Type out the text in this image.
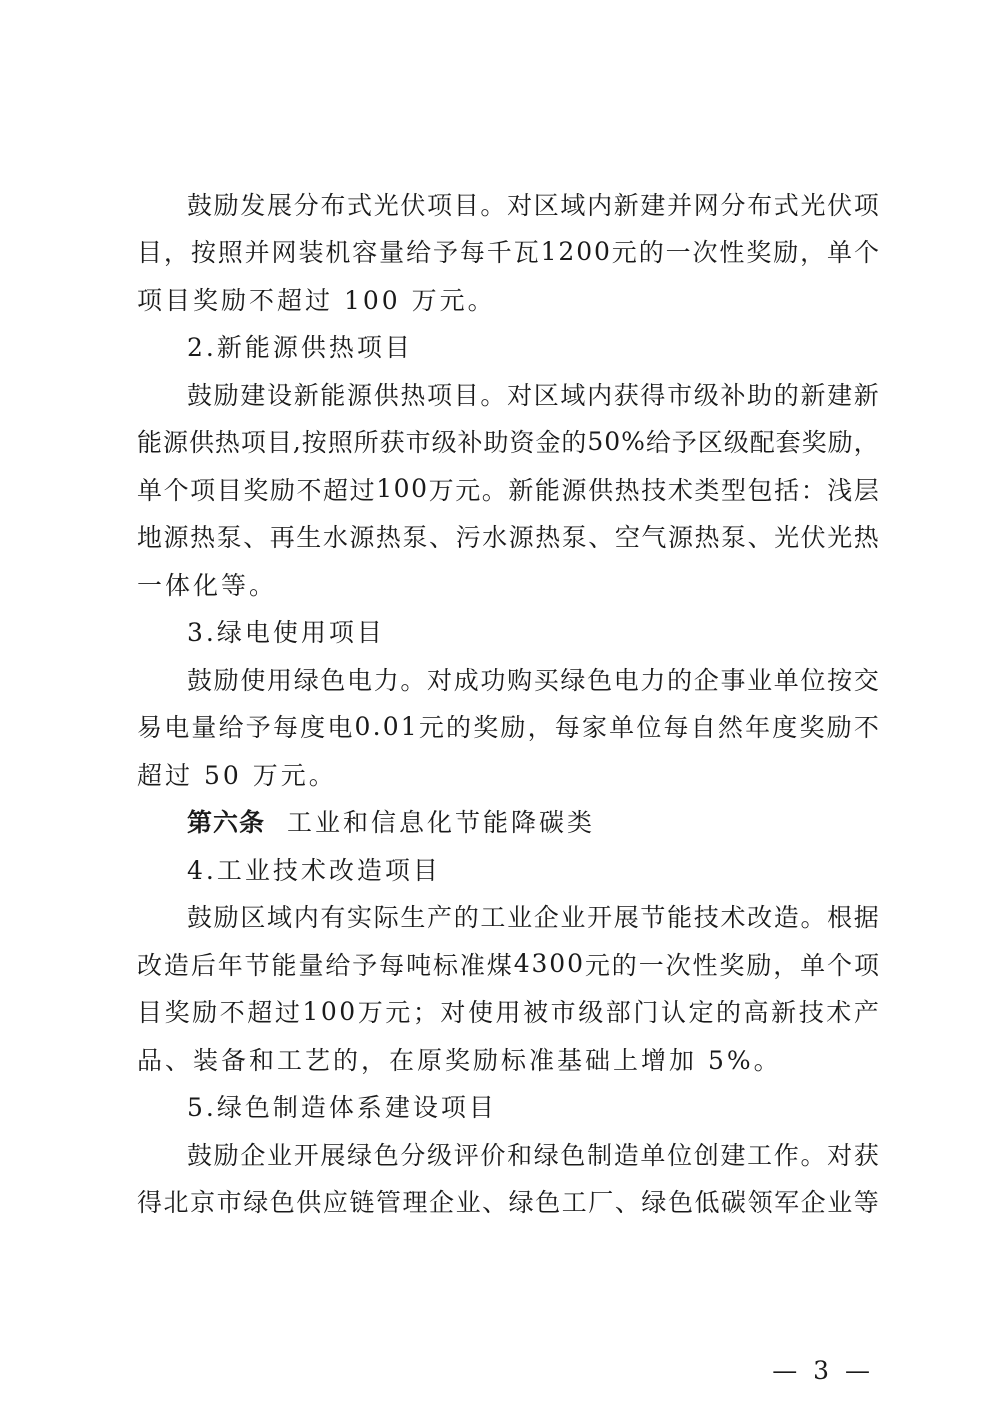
鼓 励 发 展 分 布 式 光 伏 项 目 。 对 区 域 内 新 建 并 网 分 布 式 光 伏 项
目 ， 按 照 并 网 装 机 容 量 给 予 每 千 瓦 1 2 0 0 元 的 一 次 性 奖 励 ， 单 个
项目奖励不超过 100 万元。
2.新能源供热项目
鼓 励 建 设 新 能 源 供 热 项 目 。 对 区 域 内 获 得 市 级 补 助 的 新 建 新
能 源 供 热 项 目 , 按 照 所 获 市 级 补 助 资 金 的 5 0 % 给 予 区 级 配 套 奖 励 ，
单 个 项 目 奖 励 不 超 过 1 0 0 万 元 。 新 能 源 供 热 技 术 类 型 包 括 ： 浅 层
地 源 热 泵 、 再 生 水 源 热 泵 、 污 水 源 热 泵 、 空 气 源 热 泵 、 光 伏 光 热
一体化等。
3.绿电使用项目
鼓 励 使 用 绿 色 电 力 。 对 成 功 购 买 绿 色 电 力 的 企 事 业 单 位 按 交
易 电 量 给 予 每 度 电 0 . 0 1 元 的 奖 励 ， 每 家 单 位 每 自 然 年 度 奖 励 不
超过 50 万元。
第六条 工业和信息化节能降碳类
4.工业技术改造项目
鼓 励 区 域 内 有 实 际 生 产 的 工 业 企 业 开 展 节 能 技 术 改 造 。 根 据
改 造 后 年 节 能 量 给 予 每 吨 标 准 煤 4 3 0 0 元 的 一 次 性 奖 励 ， 单 个 项
目 奖 励 不 超 过 1 0 0 万 元 ； 对 使 用 被 市 级 部 门 认 定 的 高 新 技 术 产
品、装备和工艺的，在原奖励标准基础上增加 5%。
5.绿色制造体系建设项目
鼓 励 企 业 开 展 绿 色 分 级 评 价 和 绿 色 制 造 单 位 创 建 工 作 。 对 获
得 北 京 市 绿 色 供 应 链 管 理 企 业 、 绿 色 工 厂 、 绿 色 低 碳 领 军 企 业 等
— 3 —
